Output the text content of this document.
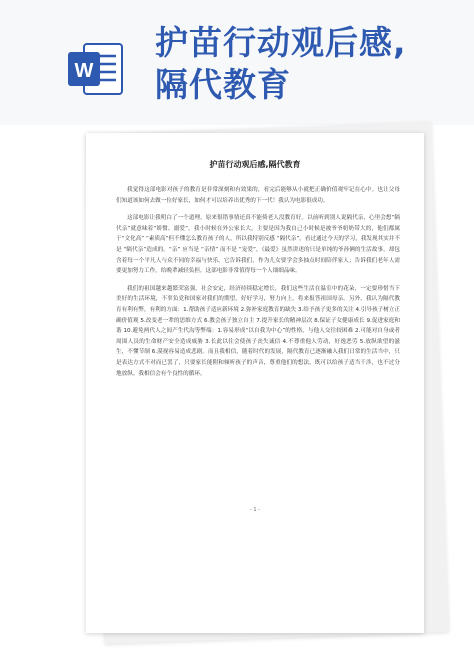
W
护苗行动观后感,
隔代教育
护苗行动观后感,隔代教育

我觉得这部电影对孩子的教育是非常深刻和有效果的，看完后能够从小就把正确价值观牢记在心中。也让父母们知道该如何去做一位好家长，如何才可以培养出优秀的下一代！我认为电影很成功。

这部电影让我明白了一个道理，原来很错事情还真不能倚老人没教育好。以前听到别人说隔代亲，心里会想“隔代亲”就意味着“娇惯、溺爱”，我小时候在外公家长大，主要是因为我自己小时候是被爷爷奶奶带大的，他们都属于“文化高” “素质高”但不懂怎么教育孩子的人，所以我特别反感 “隔代亲”。看过通过今天的学习，我发现其实并不是 “隔代亲”造成的。“亲” 应当是 “亲情” 而不是 “宠爱”，《最爱》虽然讲述的只是单纯的爷孙俩的生活故事，却包含着每一个平凡人与众不同的幸福与快乐。它告诉我们，作为儿女要学会多抽点时间陪伴家人；告诉我们老年人需要更加努力工作，给晚辈减轻负担。这部电影非常值得每一个人细细品味。

我们的祖国越来越繁荣富强，社会安定，经济持续稳定增长，我们这些生活在温室中的花朵，一定要珍惜当下美好的生活环境，不辜负党和国家对我们的期望，好好学习，努力向上，将来报答祖国母亲。另外，我认为隔代教育有利有弊，有利的方面：1.帮助孩子适应新环境 2.弥补家庭教育的缺失 3.给予孩子更多的关注 4.引导孩子树立正确价值观 5.改变老一辈的思维方式 6.教会孩子独立自主 7.提升家长的精神层次 8.保证子女健康成长 9.促进家庭和谐 10.避免两代人之间产生代沟等弊端：1.容易形成“以自我为中心”的性格，与他人交往较困难 2.可能对自身或者周围人员的生命财产安全造成威胁 3.长此以往会使孩子丧失诚信 4.不尊重他人劳动，好逸恶劳 5.放纵欲望的滋生，不懂节制 6.漠视容易造成悲剧。而且我相信，随着时代的发展，隔代教育已逐渐融入我们日常的生活当中，只是表达方式不对而已罢了，只要家长能附和倾听孩子的声音，尊重他们的想法，既可以给孩子适当干涉，也不过分地放纵。我相信会有个良性的循环。

- 1 -
